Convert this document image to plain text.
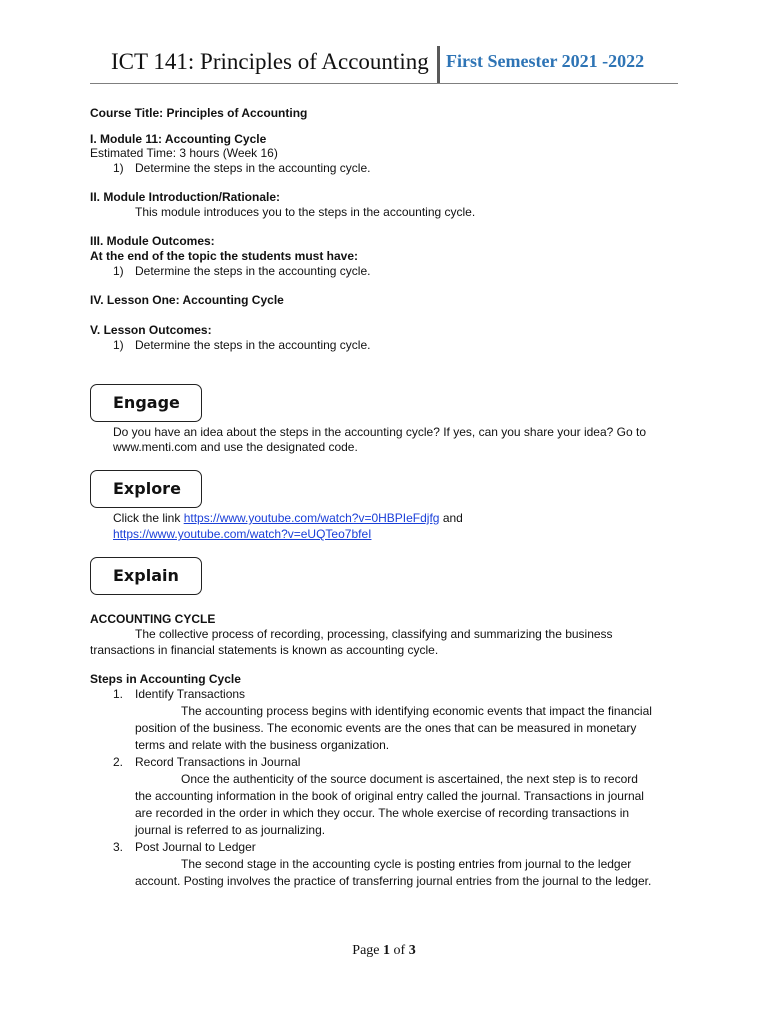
ICT 141: Principles of Accounting First Semester 2021 -2022
Course Title: Principles of Accounting
I. Module 11: Accounting Cycle
Estimated Time: 3 hours (Week 16)
1) Determine the steps in the accounting cycle.
II. Module Introduction/Rationale:
This module introduces you to the steps in the accounting cycle.
III. Module Outcomes:
At the end of the topic the students must have:
1) Determine the steps in the accounting cycle.
IV. Lesson One: Accounting Cycle
V. Lesson Outcomes:
1) Determine the steps in the accounting cycle.
Engage
Do you have an idea about the steps in the accounting cycle? If yes, can you share your idea? Go to
www.menti.com and use the designated code.
Explore
Click the link https://www.youtube.com/watch?v=0HBPIeFdjfg and
https://www.youtube.com/watch?v=eUQTeo7bfeI
Explain
ACCOUNTING CYCLE
The collective process of recording, processing, classifying and summarizing the business
transactions in financial statements is known as accounting cycle.
Steps in Accounting Cycle
1. Identify Transactions
The accounting process begins with identifying economic events that impact the financial
position of the business. The economic events are the ones that can be measured in monetary
terms and relate with the business organization.
2. Record Transactions in Journal
Once the authenticity of the source document is ascertained, the next step is to record
the accounting information in the book of original entry called the journal. Transactions in journal
are recorded in the order in which they occur. The whole exercise of recording transactions in
journal is referred to as journalizing.
3. Post Journal to Ledger
The second stage in the accounting cycle is posting entries from journal to the ledger
account. Posting involves the practice of transferring journal entries from the journal to the ledger.
Page 1 of 3
